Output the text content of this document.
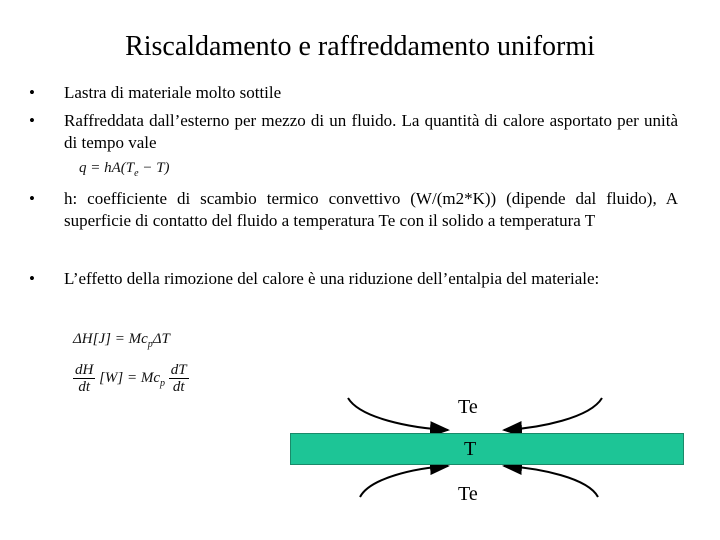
Riscaldamento e raffreddamento uniformi
• Lastra di materiale molto sottile
• Raffreddata dall’esterno per mezzo di un fluido. La quantità di calore asportato per unità di tempo vale
• h: coefficiente di scambio termico convettivo (W/(m2*K)) (dipende dal fluido), A superficie di contatto del fluido a temperatura Te con il solido a temperatura T
• L’effetto della rimozione del calore è una riduzione dell’entalpia del materiale:
$q = hA(T_e - T)$
$\Delta H[J] = Mc_p\Delta T$
$\frac{dH}{dt} [W] = Mc_p \frac{dT}{dt}$
Te
T
Te
